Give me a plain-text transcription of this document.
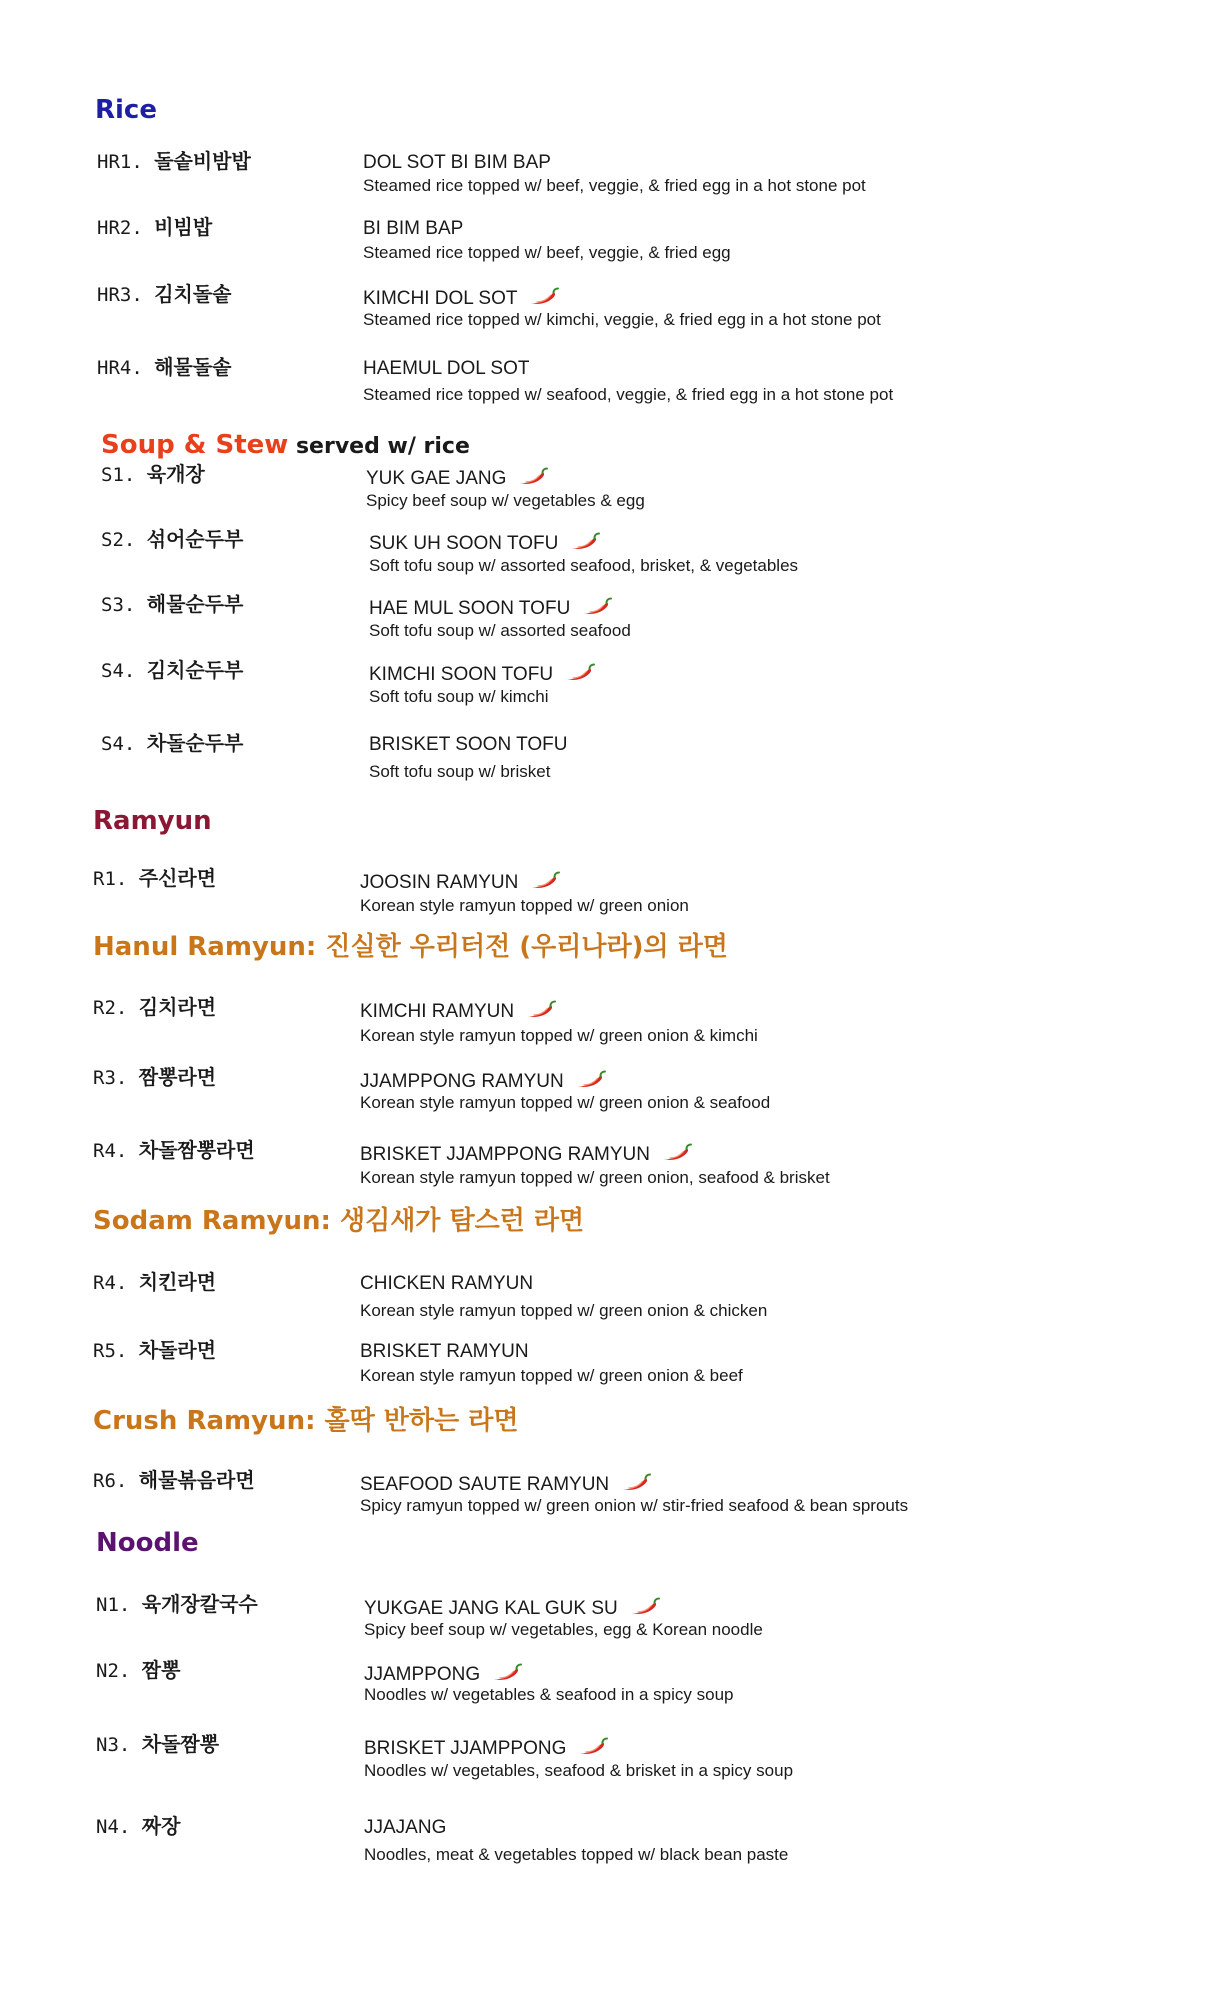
Rice
HR1. 돌솥비밤밥	DOL SOT BI BIM BAP
Steamed rice topped w/ beef, veggie, & fried egg in a hot stone pot
HR2. 비빔밥	BI BIM BAP
Steamed rice topped w/ beef, veggie, & fried egg
HR3. 김치돌솥	KIMCHI DOL SOT
Steamed rice topped w/ kimchi, veggie, & fried egg in a hot stone pot
HR4. 해물돌솥	HAEMUL DOL SOT
Steamed rice topped w/ seafood, veggie, & fried egg in a hot stone pot
Soup & Stew served w/ rice
S1. 육개장	YUK GAE JANG
Spicy beef soup w/ vegetables & egg
S2. 섞어순두부	SUK UH SOON TOFU
Soft tofu soup w/ assorted seafood, brisket, & vegetables
S3. 해물순두부	HAE MUL SOON TOFU
Soft tofu soup w/ assorted seafood
S4. 김치순두부	KIMCHI SOON TOFU
Soft tofu soup w/ kimchi
S4. 차돌순두부	BRISKET SOON TOFU
Soft tofu soup w/ brisket
Ramyun
R1. 주신라면	JOOSIN RAMYUN
Korean style ramyun topped w/ green onion
Hanul Ramyun: 진실한 우리터전 (우리나라)의 라면
R2. 김치라면	KIMCHI RAMYUN
Korean style ramyun topped w/ green onion & kimchi
R3. 짬뽕라면	JJAMPPONG RAMYUN
Korean style ramyun topped w/ green onion & seafood
R4. 차돌짬뽕라면	BRISKET JJAMPPONG RAMYUN
Korean style ramyun topped w/ green onion, seafood & brisket
Sodam Ramyun: 생김새가 탐스런 라면
R4. 치킨라면	CHICKEN RAMYUN
Korean style ramyun topped w/ green onion & chicken
R5. 차돌라면	BRISKET RAMYUN
Korean style ramyun topped w/ green onion & beef
Crush Ramyun: 홀딱 반하는 라면
R6. 해물볶음라면	SEAFOOD SAUTE RAMYUN
Spicy ramyun topped w/ green onion w/ stir-fried seafood & bean sprouts
Noodle
N1. 육개장칼국수	YUKGAE JANG KAL GUK SU
Spicy beef soup w/ vegetables, egg & Korean noodle
N2. 짬뽕	JJAMPPONG
Noodles w/ vegetables & seafood in a spicy soup
N3. 차돌짬뽕	BRISKET JJAMPPONG
Noodles w/ vegetables, seafood & brisket in a spicy soup
N4. 짜장	JJAJANG
Noodles, meat & vegetables topped w/ black bean paste
